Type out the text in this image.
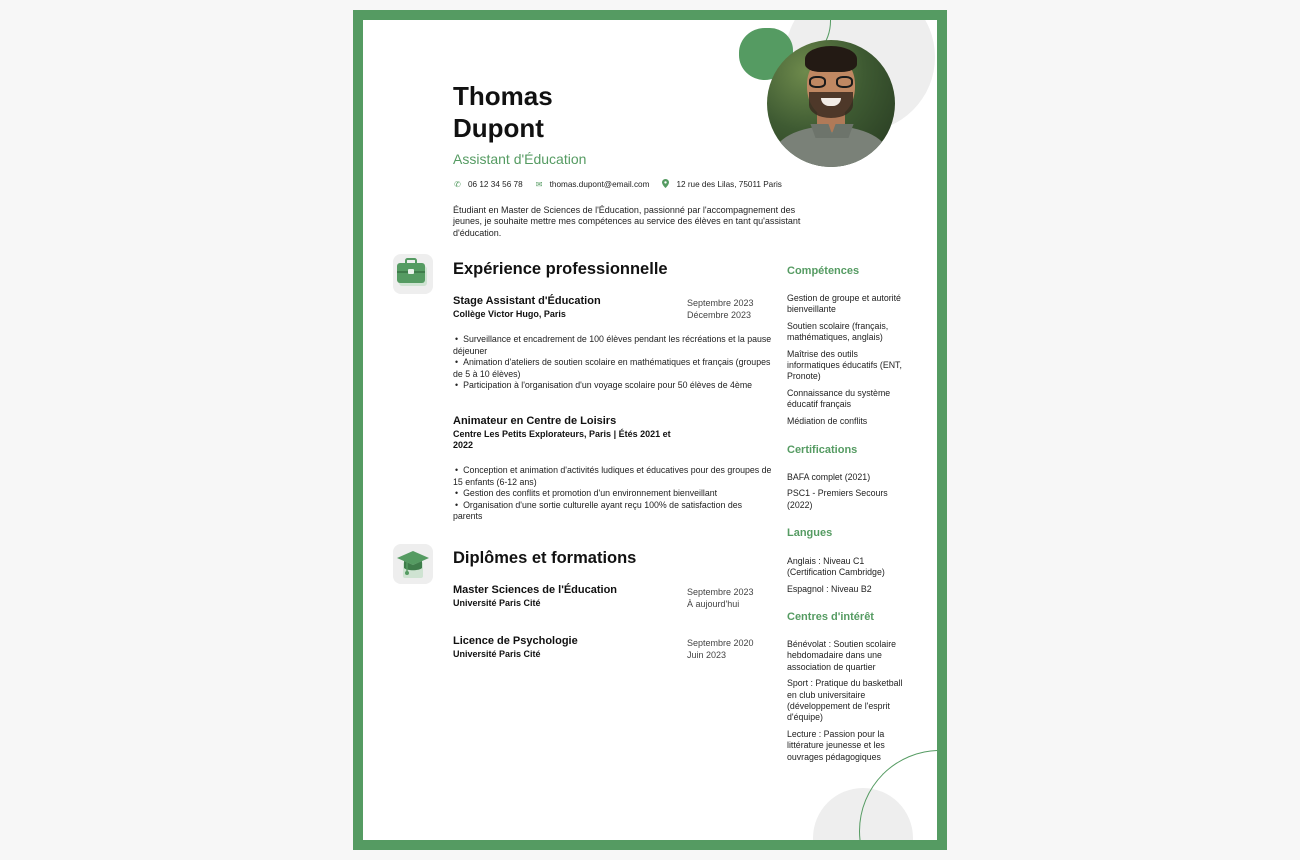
Thomas
Dupont
Assistant d'Éducation
✆ 06 12 34 56 78 ✉ thomas.dupont@email.com	12 rue des Lilas, 75011 Paris

Étudiant en Master de Sciences de l'Éducation, passionné par l'accompagnement des jeunes, je souhaite mettre mes compétences au service des élèves en tant qu'assistant d'éducation.

Expérience professionnelle

Stage Assistant d'Éducation

Collège Victor Hugo, Paris
Septembre 2023
Décembre 2023
• Surveillance et encadrement de 100 élèves pendant les récréations et la pause déjeuner
• Animation d'ateliers de soutien scolaire en mathématiques et français (groupes de 5 à 10 élèves)
• Participation à l'organisation d'un voyage scolaire pour 50 élèves de 4ème

Animateur en Centre de Loisirs

Centre Les Petits Explorateurs, Paris | Étés 2021 et 2022
• Conception et animation d'activités ludiques et éducatives pour des groupes de 15 enfants (6-12 ans)
• Gestion des conflits et promotion d'un environnement bienveillant
• Organisation d'une sortie culturelle ayant reçu 100% de satisfaction des parents
Diplômes et formations

Master Sciences de l'Éducation

Université Paris Cité
Septembre 2023
À aujourd'hui

Licence de Psychologie

Université Paris Cité
Septembre 2020
Juin 2023
Compétences
Gestion de groupe et autorité bienveillante
Soutien scolaire (français, mathématiques, anglais)
Maîtrise des outils informatiques éducatifs (ENT, Pronote)
Connaissance du système éducatif français
Médiation de conflits
Certifications
BAFA complet (2021)
PSC1 - Premiers Secours (2022)
Langues
Anglais : Niveau C1 (Certification Cambridge)
Espagnol : Niveau B2
Centres d'intérêt
Bénévolat : Soutien scolaire hebdomadaire dans une association de quartier
Sport : Pratique du basketball en club universitaire (développement de l'esprit d'équipe)
Lecture : Passion pour la littérature jeunesse et les ouvrages pédagogiques
